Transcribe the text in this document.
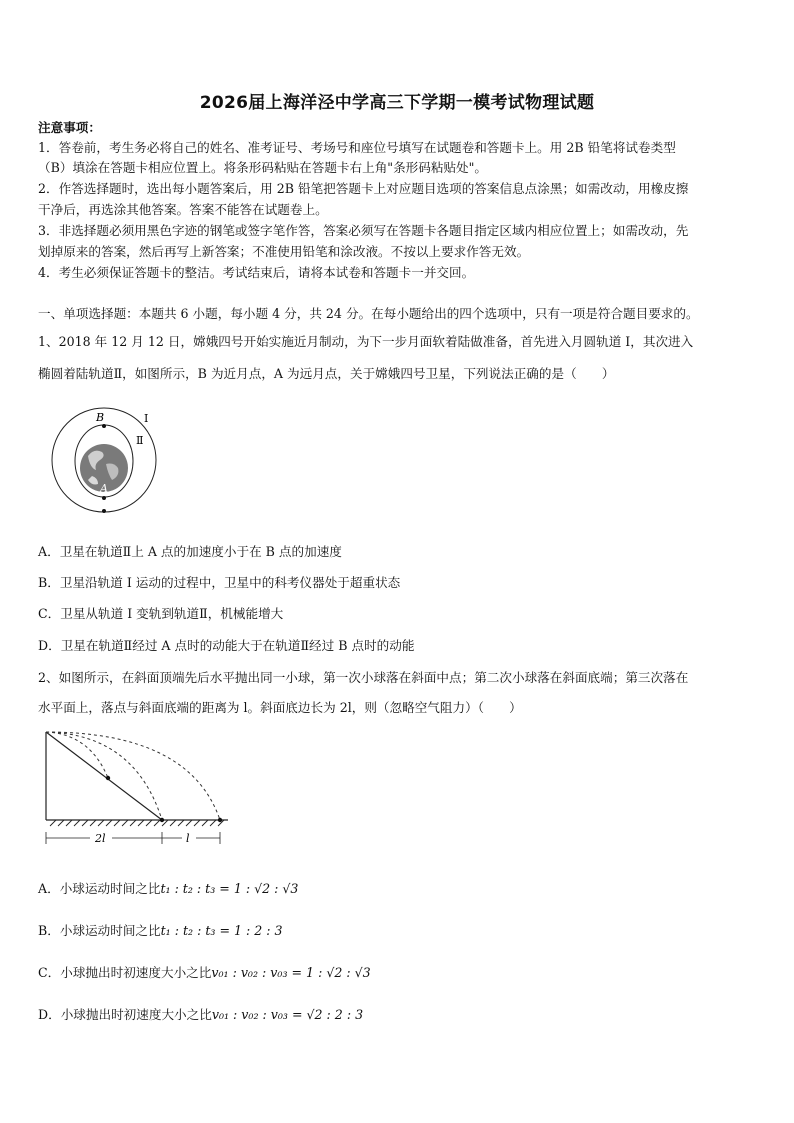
2026届上海洋泾中学高三下学期一模考试物理试题
注意事项：
1．答卷前，考生务必将自己的姓名、准考证号、考场号和座位号填写在试题卷和答题卡上。用 2B 铅笔将试卷类型
（B）填涂在答题卡相应位置上。将条形码粘贴在答题卡右上角"条形码粘贴处"。
2．作答选择题时，选出每小题答案后，用 2B 铅笔把答题卡上对应题目选项的答案信息点涂黑；如需改动，用橡皮擦
干净后，再选涂其他答案。答案不能答在试题卷上。
3．非选择题必须用黑色字迹的钢笔或签字笔作答，答案必须写在答题卡各题目指定区域内相应位置上；如需改动，先
划掉原来的答案，然后再写上新答案；不准使用铅笔和涂改液。不按以上要求作答无效。
4．考生必须保证答题卡的整洁。考试结束后，请将本试卷和答题卡一并交回。
一、单项选择题：本题共 6 小题，每小题 4 分，共 24 分。在每小题给出的四个选项中，只有一项是符合题目要求的。
1、2018 年 12 月 12 日，嫦娥四号开始实施近月制动，为下一步月面软着陆做准备，首先进入月圆轨道 Ⅰ，其次进入
椭圆着陆轨道Ⅱ，如图所示，B 为近月点，A 为远月点，关于嫦娥四号卫星，下列说法正确的是（　　）
B
A
Ⅰ
Ⅱ
A．卫星在轨道Ⅱ上 A 点的加速度小于在 B 点的加速度
B．卫星沿轨道 Ⅰ 运动的过程中，卫星中的科考仪器处于超重状态
C．卫星从轨道 Ⅰ 变轨到轨道Ⅱ，机械能增大
D．卫星在轨道Ⅱ经过 A 点时的动能大于在轨道Ⅱ经过 B 点时的动能
2、如图所示，在斜面顶端先后水平抛出同一小球，第一次小球落在斜面中点；第二次小球落在斜面底端；第三次落在
水平面上，落点与斜面底端的距离为 l。斜面底边长为 2l，则（忽略空气阻力）（　　）
2l	l
A．小球运动时间之比t₁ : t₂ : t₃ = 1 : √2 : √3
B．小球运动时间之比t₁ : t₂ : t₃ = 1 : 2 : 3
C．小球抛出时初速度大小之比v₀₁ : v₀₂ : v₀₃ = 1 : √2 : √3
D．小球抛出时初速度大小之比v₀₁ : v₀₂ : v₀₃ = √2 : 2 : 3
